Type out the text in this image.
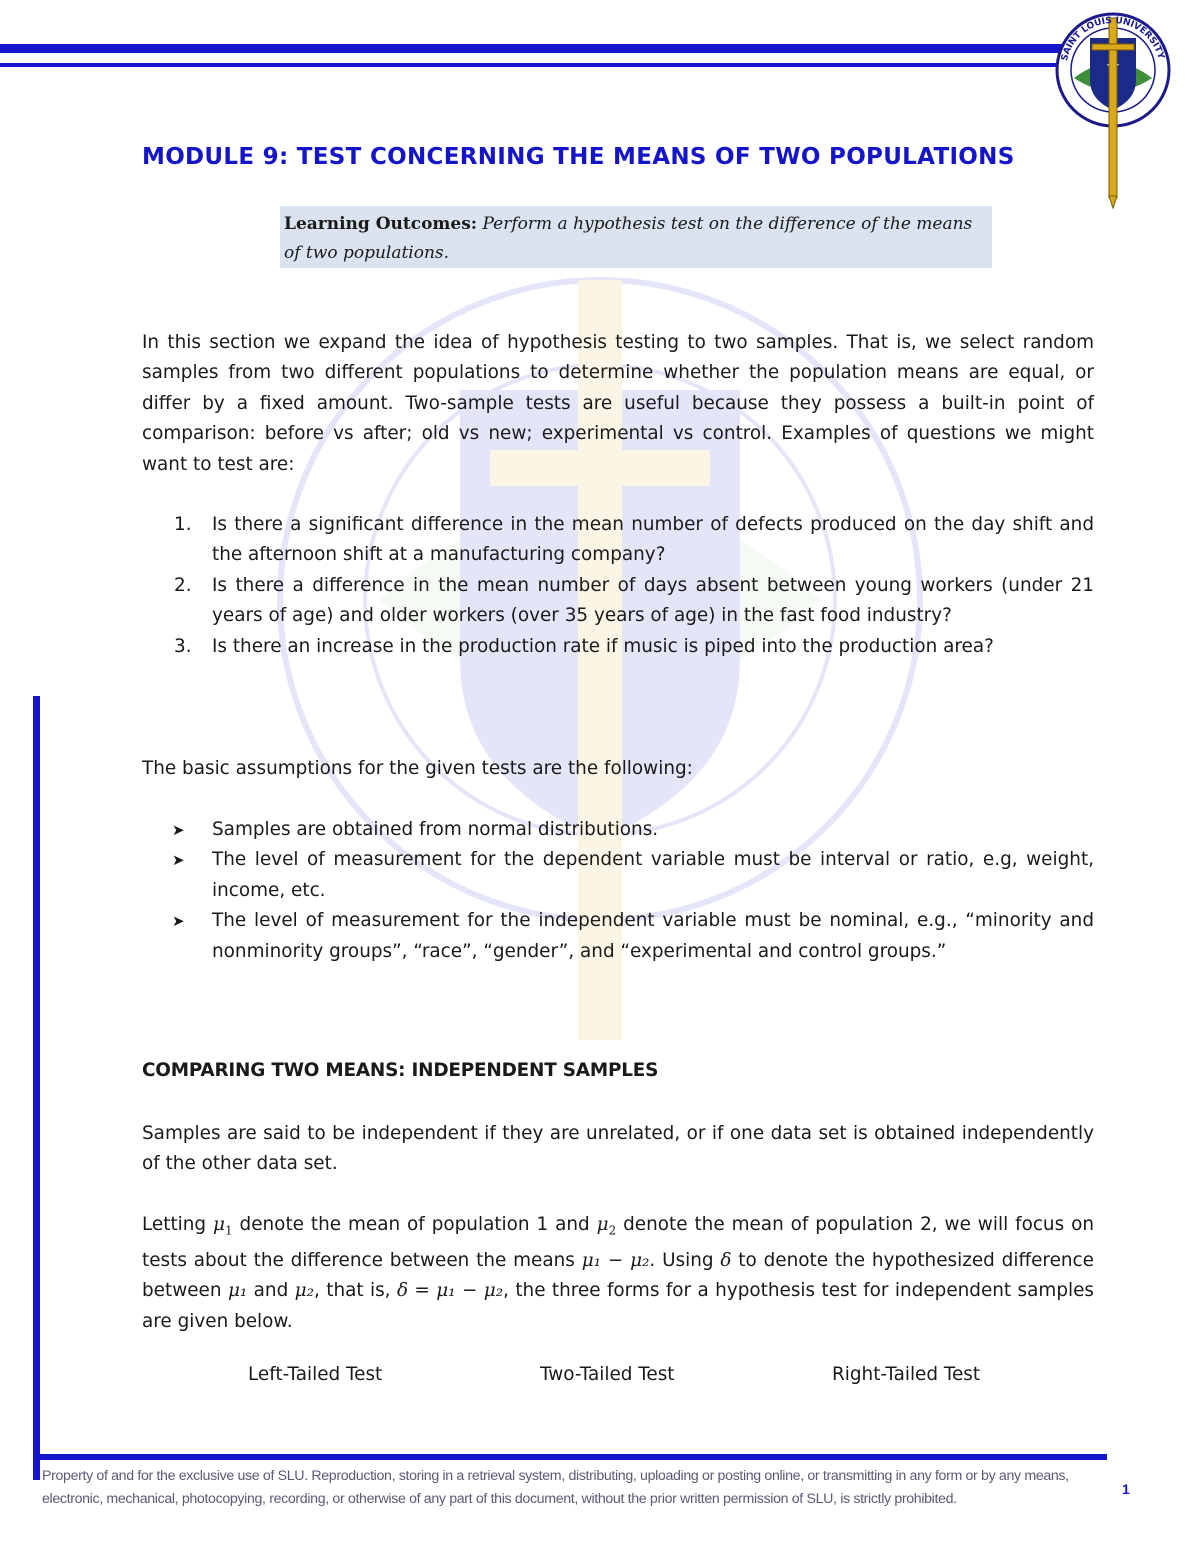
SAINT LOUIS UNIVERSITY
MODULE 9: TEST CONCERNING THE MEANS OF TWO POPULATIONS
Learning Outcomes: Perform a hypothesis test on the difference of the means of two populations.
In this section we expand the idea of hypothesis testing to two samples. That is, we select random samples from two different populations to determine whether the population means are equal, or differ by a fixed amount. Two-sample tests are useful because they possess a built-in point of comparison: before vs after; old vs new; experimental vs control. Examples of questions we might want to test are:
1. Is there a significant difference in the mean number of defects produced on the day shift and the afternoon shift at a manufacturing company?
2. Is there a difference in the mean number of days absent between young workers (under 21 years of age) and older workers (over 35 years of age) in the fast food industry?
3. Is there an increase in the production rate if music is piped into the production area?
The basic assumptions for the given tests are the following:
➤ Samples are obtained from normal distributions.
➤ The level of measurement for the dependent variable must be interval or ratio, e.g, weight, income, etc.
➤ The level of measurement for the independent variable must be nominal, e.g., “minority and nonminority groups”, “race”, “gender”, and “experimental and control groups.”
COMPARING TWO MEANS: INDEPENDENT SAMPLES
Samples are said to be independent if they are unrelated, or if one data set is obtained independently of the other data set.
Letting $\mu_1$ denote the mean of population 1 and $\mu_2$ denote the mean of population 2, we will focus on tests about the difference between the means μ₁ − μ₂. Using δ to denote the hypothesized difference between μ₁ and μ₂, that is, δ = μ₁ − μ₂, the three forms for a hypothesis test for independent samples are given below.
Left-Tailed Test	Two-Tailed Test	Right-Tailed Test
Property of and for the exclusive use of SLU. Reproduction, storing in a retrieval system, distributing, uploading or posting online, or transmitting in any form or by any means, electronic, mechanical, photocopying, recording, or otherwise of any part of this document, without the prior written permission of SLU, is strictly prohibited.
1
